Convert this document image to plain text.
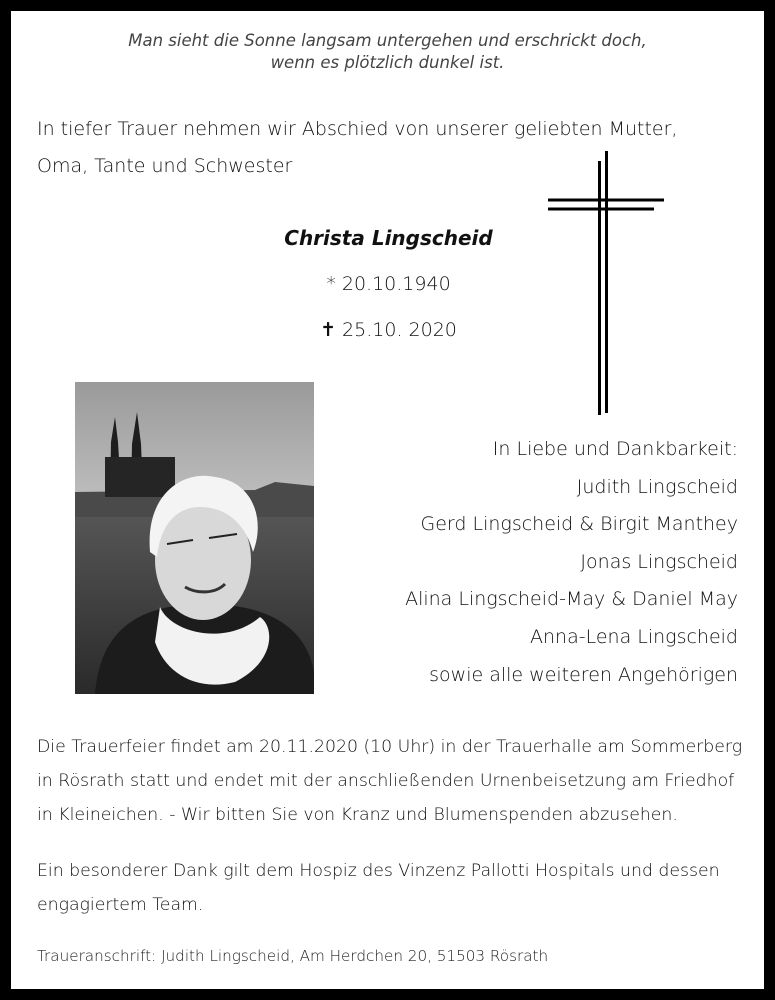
Man sieht die Sonne langsam untergehen und erschrickt doch,
wenn es plötzlich dunkel ist.
In tiefer Trauer nehmen wir Abschied von unserer geliebten Mutter,
Oma, Tante und Schwester
Christa Lingscheid
* 20.10.1940
✝ 25.10. 2020
In Liebe und Dankbarkeit:
Judith Lingscheid
Gerd Lingscheid & Birgit Manthey
Jonas Lingscheid
Alina Lingscheid-May & Daniel May
Anna-Lena Lingscheid
sowie alle weiteren Angehörigen
Die Trauerfeier findet am 20.11.2020 (10 Uhr) in der Trauerhalle am Sommerberg
in Rösrath statt und endet mit der anschließenden Urnenbeisetzung am Friedhof
in Kleineichen. - Wir bitten Sie von Kranz und Blumenspenden abzusehen.
Ein besonderer Dank gilt dem Hospiz des Vinzenz Pallotti Hospitals und dessen
engagiertem Team.
Traueranschrift: Judith Lingscheid, Am Herdchen 20, 51503 Rösrath
